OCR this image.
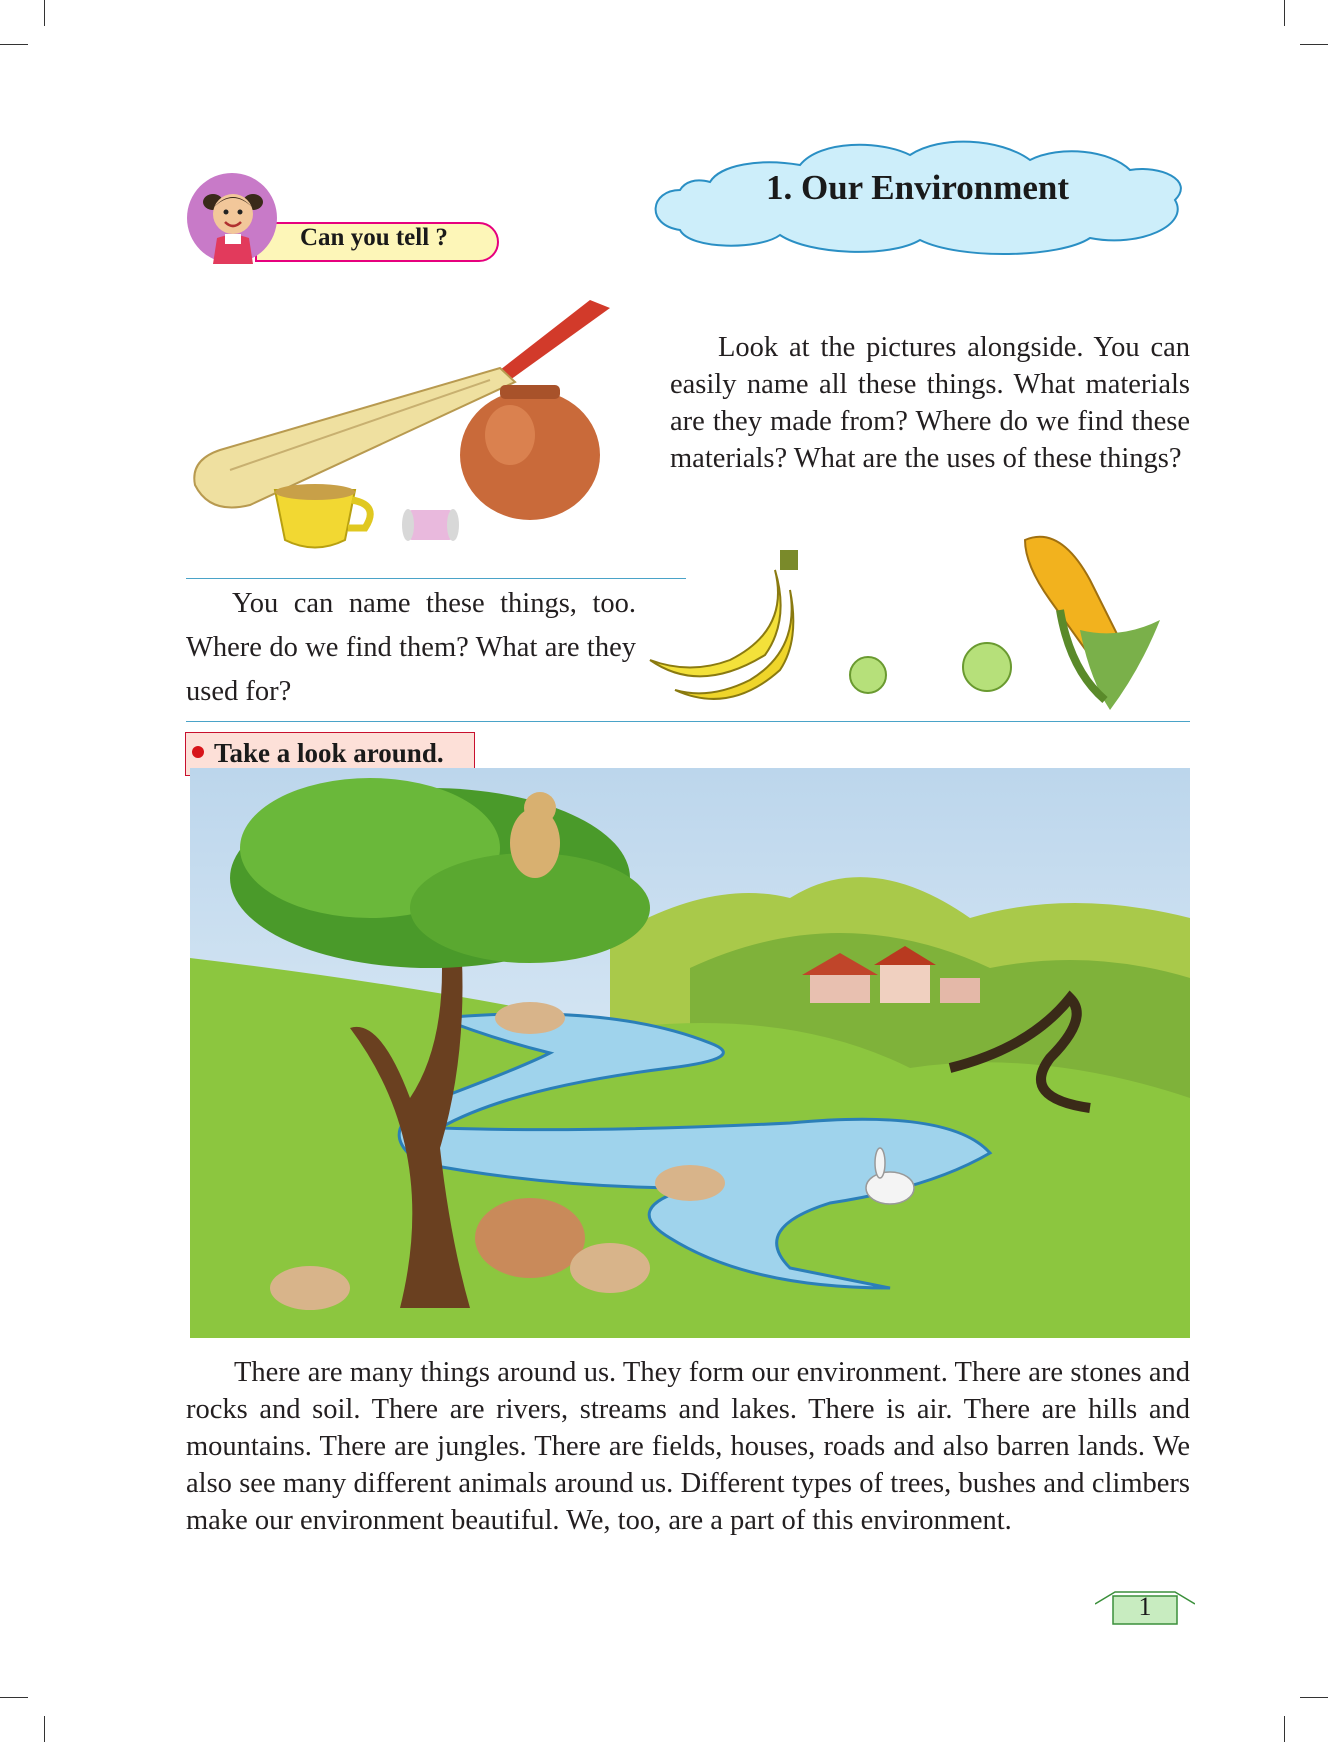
1. Our Environment
Can you tell ?
Look at the pictures alongside. You can easily name all these things. What materials are they made from? Where do we find these materials? What are the uses of these things?
You can name these things, too. Where do we find them? What are they used for?
Take a look around.
There are many things around us. They form our environment. There are stones and rocks and soil. There are rivers, streams and lakes. There is air. There are hills and mountains. There are jungles. There are fields, houses, roads and also barren lands. We also see many different animals around us. Different types of trees, bushes and climbers make our environment beautiful. We, too, are a part of this environment.
1
